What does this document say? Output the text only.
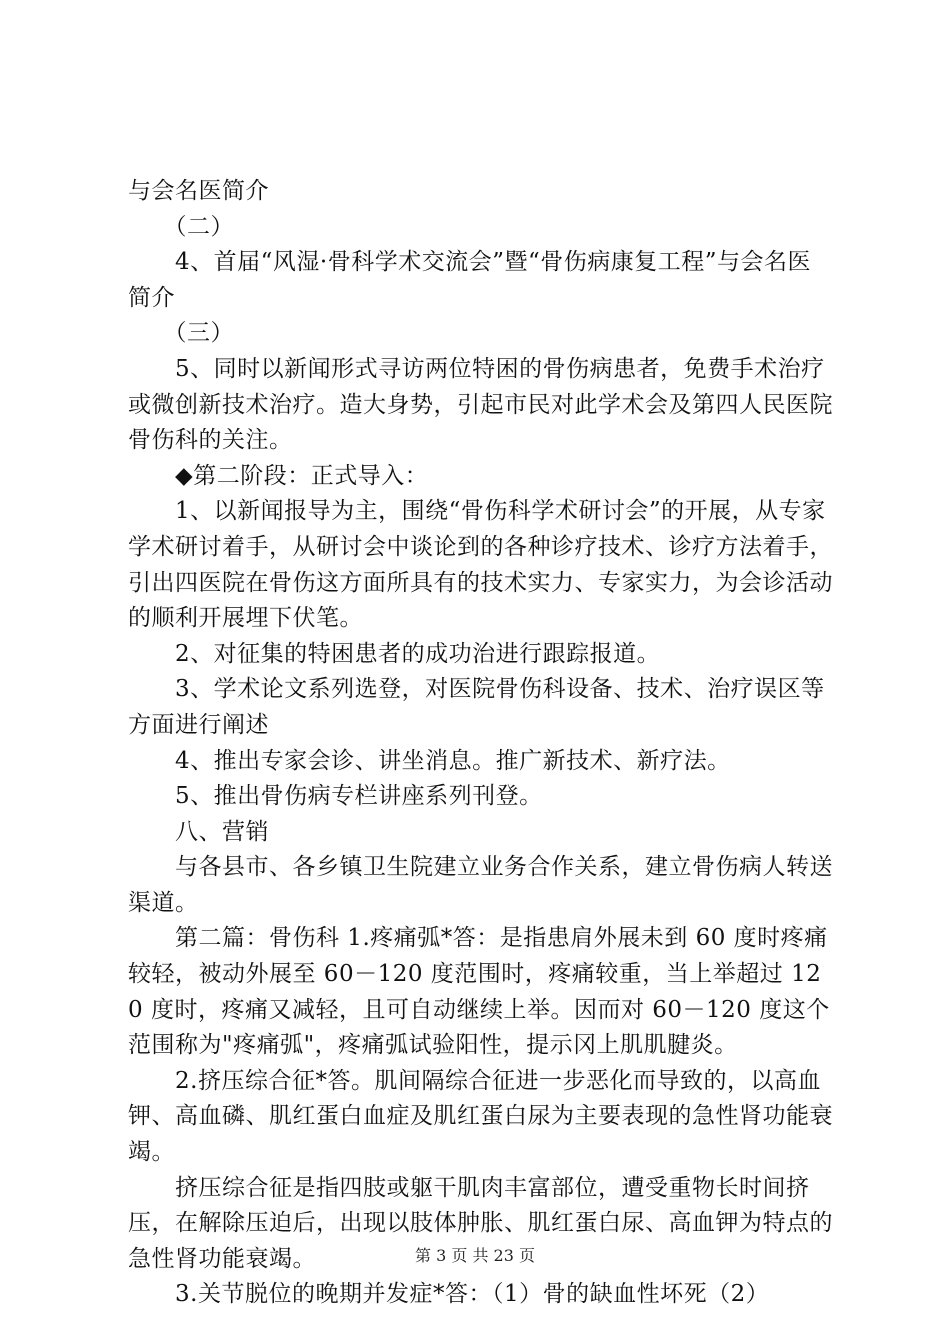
与会名医简介

　　（二）

　　4、首届“风湿·骨科学术交流会”暨“骨伤病康复工程”与会名医简介

　　（三）

　　5、同时以新闻形式寻访两位特困的骨伤病患者，免费手术治疗或微创新技术治疗。造大身势，引起市民对此学术会及第四人民医院骨伤科的关注。

　　◆第二阶段：正式导入：

　　1、以新闻报导为主，围绕“骨伤科学术研讨会”的开展，从专家学术研讨着手，从研讨会中谈论到的各种诊疗技术、诊疗方法着手，引出四医院在骨伤这方面所具有的技术实力、专家实力，为会诊活动的顺利开展埋下伏笔。

　　2、对征集的特困患者的成功治进行跟踪报道。

　　3、学术论文系列选登，对医院骨伤科设备、技术、治疗误区等方面进行阐述

　　4、推出专家会诊、讲坐消息。推广新技术、新疗法。

　　5、推出骨伤病专栏讲座系列刊登。

　　八、营销

　　与各县市、各乡镇卫生院建立业务合作关系，建立骨伤病人转送渠道。

　　第二篇：骨伤科 1.疼痛弧*答：是指患肩外展未到 60 度时疼痛较轻，被动外展至 60－120 度范围时，疼痛较重，当上举超过 120 度时，疼痛又减轻，且可自动继续上举。因而对 60－120 度这个范围称为"疼痛弧"，疼痛弧试验阳性，提示冈上肌肌腱炎。

　　2.挤压综合征*答。肌间隔综合征进一步恶化而导致的，以高血钾、高血磷、肌红蛋白血症及肌红蛋白尿为主要表现的急性肾功能衰竭。

　　挤压综合征是指四肢或躯干肌肉丰富部位，遭受重物长时间挤压，在解除压迫后，出现以肢体肿胀、肌红蛋白尿、高血钾为特点的急性肾功能衰竭。

　　3.关节脱位的晚期并发症*答：（1）骨的缺血性坏死（2）

第 3 页 共 23 页
